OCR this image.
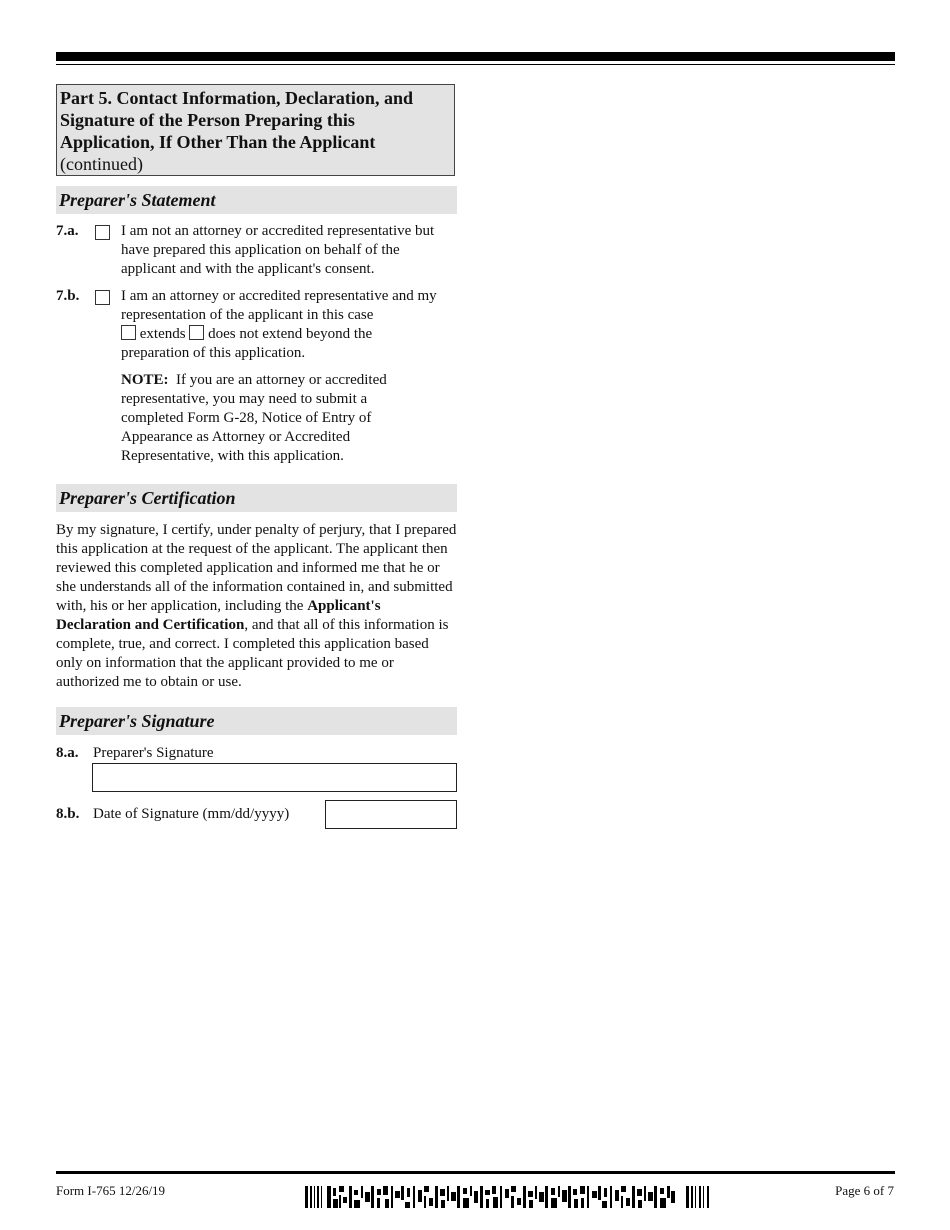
Part 5. Contact Information, Declaration, and Signature of the Person Preparing this Application, If Other Than the Applicant
(continued)
Preparer's Statement
7.a.	I am not an attorney or accredited representative but have prepared this application on behalf of the applicant and with the applicant's consent.
7.b.	I am an attorney or accredited representative and my representation of the applicant in this case
extends does not extend beyond the preparation of this application.
NOTE: If you are an attorney or accredited representative, you may need to submit a completed Form G-28, Notice of Entry of Appearance as Attorney or Accredited Representative, with this application.
Preparer's Certification
By my signature, I certify, under penalty of perjury, that I prepared this application at the request of the applicant. The applicant then reviewed this completed application and informed me that he or she understands all of the information contained in, and submitted with, his or her application, including the Applicant's Declaration and Certification, and that all of this information is complete, true, and correct. I completed this application based only on information that the applicant provided to me or authorized me to obtain or use.
Preparer's Signature
8.a. Preparer's Signature
8.b. Date of Signature (mm/dd/yyyy)
Form I-765 12/26/19	Page 6 of 7
